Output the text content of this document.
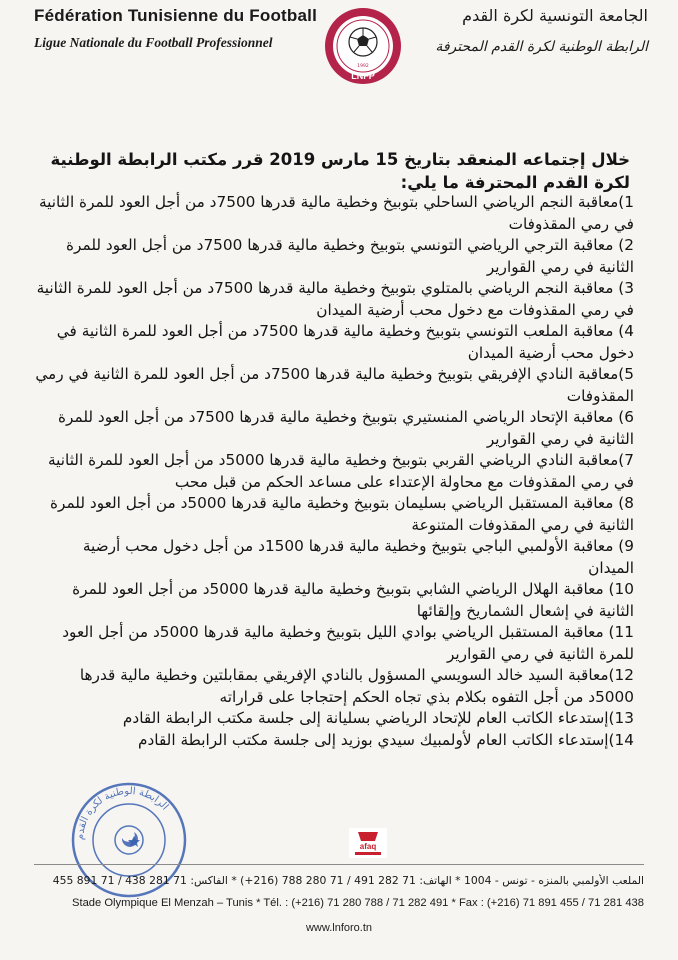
Fédération Tunisienne du Football
Ligue Nationale du Football Professionnel
1992
LNFP
الجامعة التونسية لكرة القدم
الرابطة الوطنية لكرة القدم المحترفة
خلال إجتماعه المنعقد بتاريخ 15 مارس 2019 قرر مكتب الرابطة الوطنية لكرة القدم المحترفة ما يلي:
1)معاقبة النجم الرياضي الساحلي بتوبيخ وخطية مالية قدرها 7500د من أجل العود للمرة الثانية في رمي المقذوفات
2) معاقبة الترجي الرياضي التونسي بتوبيخ وخطية مالية قدرها 7500د من أجل العود للمرة الثانية في رمي القوارير
3) معاقبة النجم الرياضي بالمتلوي بتوبيخ وخطية مالية قدرها 7500د من أجل العود للمرة الثانية في رمي المقذوفات مع دخول محب أرضية الميدان
4) معاقبة الملعب التونسي بتوبيخ وخطية مالية قدرها 7500د من أجل العود للمرة الثانية في دخول محب أرضية الميدان
5)معاقبة النادي الإفريقي بتوبيخ وخطية مالية قدرها 7500د من أجل العود للمرة الثانية في رمي المقذوفات
6) معاقبة الإتحاد الرياضي المنستيري بتوبيخ وخطية مالية قدرها 7500د من أجل العود للمرة الثانية في رمي القوارير
7)معاقبة النادي الرياضي القربي بتوبيخ وخطية مالية قدرها 5000د من أجل العود للمرة الثانية في رمي المقذوفات مع محاولة الإعتداء على مساعد الحكم من قبل محب
8) معاقبة المستقبل الرياضي بسليمان بتوبيخ وخطية مالية قدرها 5000د من أجل العود للمرة الثانية في رمي المقذوفات المتنوعة
9) معاقبة الأولمبي الباجي بتوبيخ وخطية مالية قدرها 1500د من أجل دخول محب أرضية الميدان
10) معاقبة الهلال الرياضي الشابي بتوبيخ وخطية مالية قدرها 5000د من أجل العود للمرة الثانية في إشعال الشماريخ وإلقائها
11) معاقبة المستقبل الرياضي بوادي الليل بتوبيخ وخطية مالية قدرها 5000د من أجل العود للمرة الثانية في رمي القوارير
12)معاقبة السيد خالد السويسي المسؤول بالنادي الإفريقي بمقابلتين وخطية مالية قدرها 5000د من أجل التفوه بكلام بذي تجاه الحكم إحتجاجا على قراراته
13)إستدعاء الكاتب العام للإتحاد الرياضي بسليانة إلى جلسة مكتب الرابطة القادم
14)إستدعاء الكاتب العام لأولمبيك سيدي بوزيد إلى جلسة مكتب الرابطة القادم
الرابطة الوطنية لكرة القدم
afaq
الملعب الأولمبي بالمنزه - تونس - 1004 * الهاتف: 71 282 491 / 71 280 788 (216+) * الفاكس: 71 281 438 / 71 891 455
Stade Olympique El Menzah – Tunis * Tél. : (+216) 71 280 788 / 71 282 491 * Fax : (+216) 71 891 455 / 71 281 438
www.lnforo.tn
